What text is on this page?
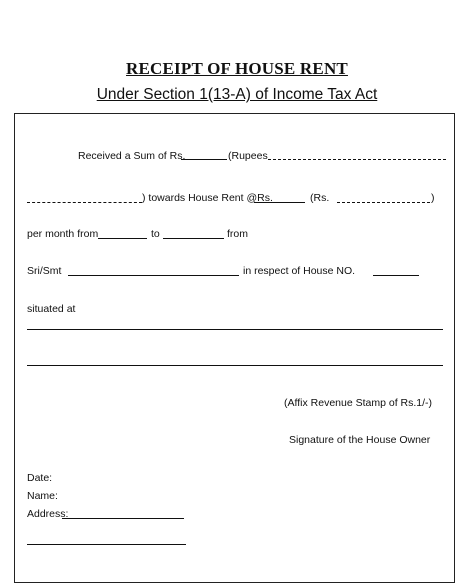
RECEIPT OF HOUSE RENT
Under Section 1(13-A) of Income Tax Act
Received a Sum of Rs.	(Rupees
) towards House Rent @Rs.	(Rs.	)
per month from	to	from
Sri/Smt	in respect of House NO.
situated at
(Affix Revenue Stamp of Rs.1/-)
Signature of the House Owner
Date:
Name:
Address:
